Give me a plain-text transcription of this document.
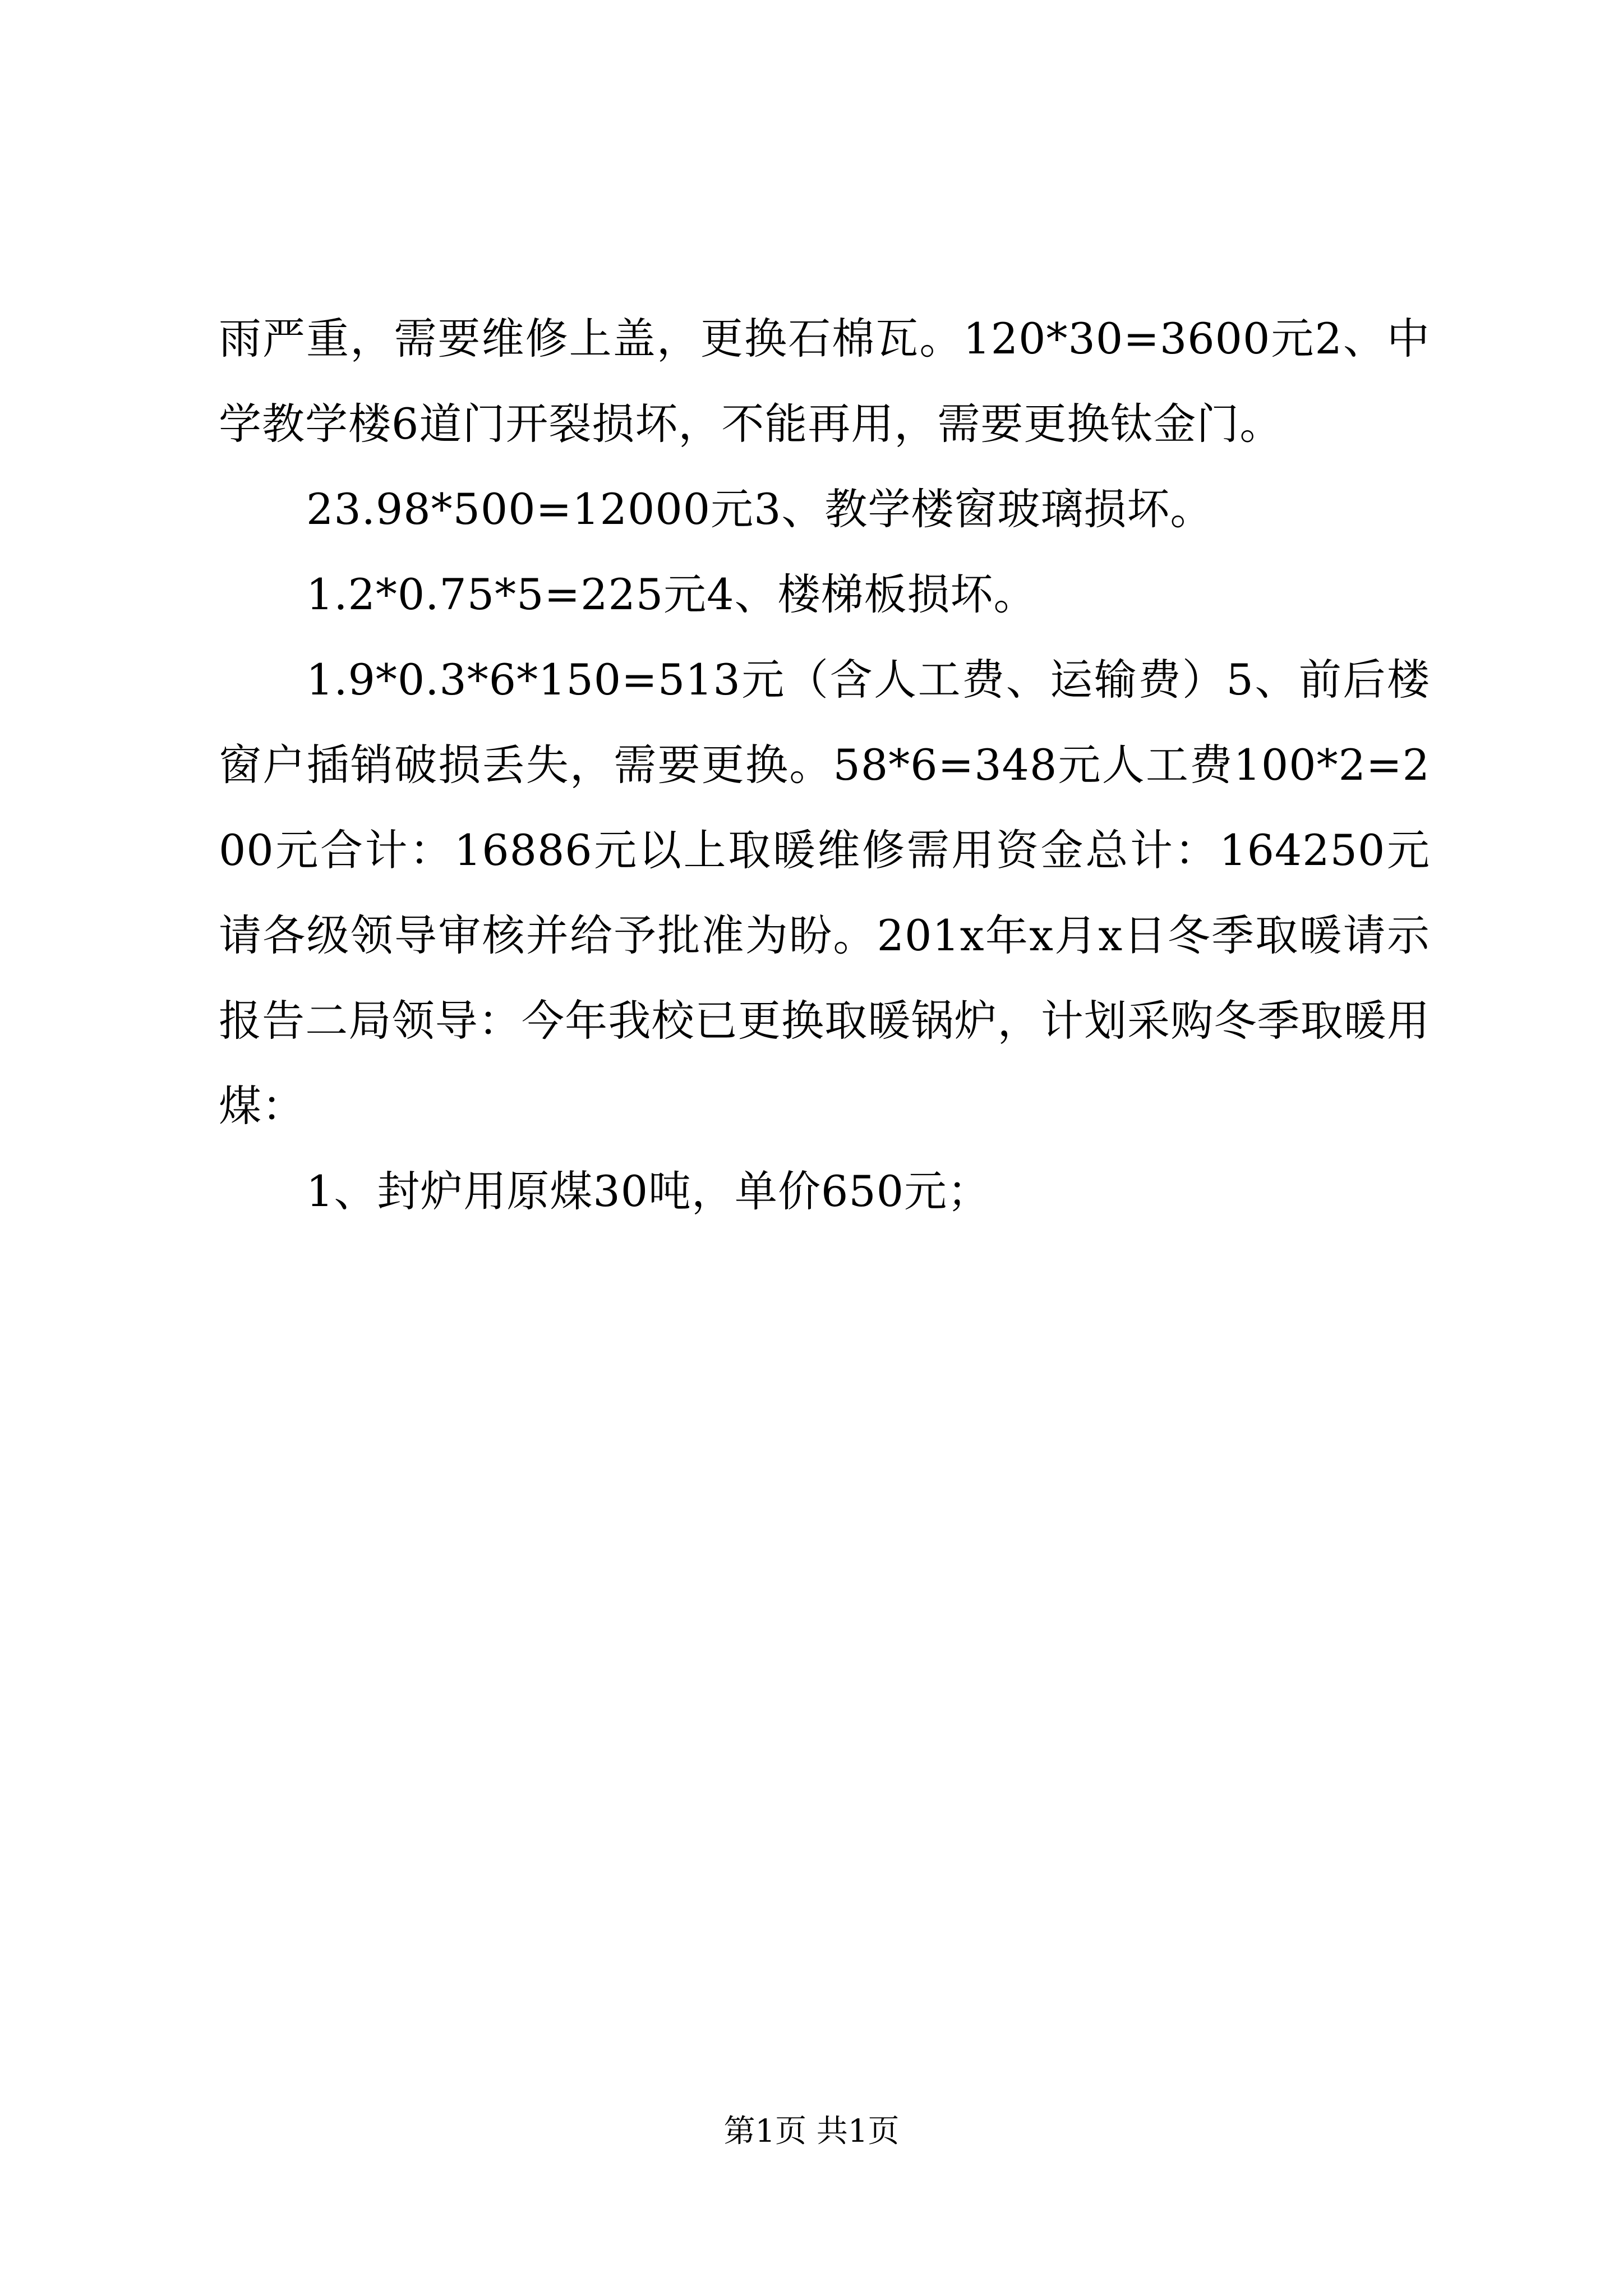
雨严重，需要维修上盖，更换石棉瓦。120*30=3600元2、中学教学楼6道门开裂损坏，不能再用，需要更换钛金门。

23.98*500=12000元3、教学楼窗玻璃损坏。

1.2*0.75*5=225元4、楼梯板损坏。

1.9*0.3*6*150=513元（含人工费、运输费）5、前后楼窗户插销破损丢失，需要更换。58*6=348元人工费100*2=200元合计：16886元以上取暖维修需用资金总计：164250元请各级领导审核并给予批准为盼。201x年x月x日冬季取暖请示报告二局领导：今年我校已更换取暖锅炉，计划采购冬季取暖用煤：

1、封炉用原煤30吨，单价650元；

第1页 共1页
